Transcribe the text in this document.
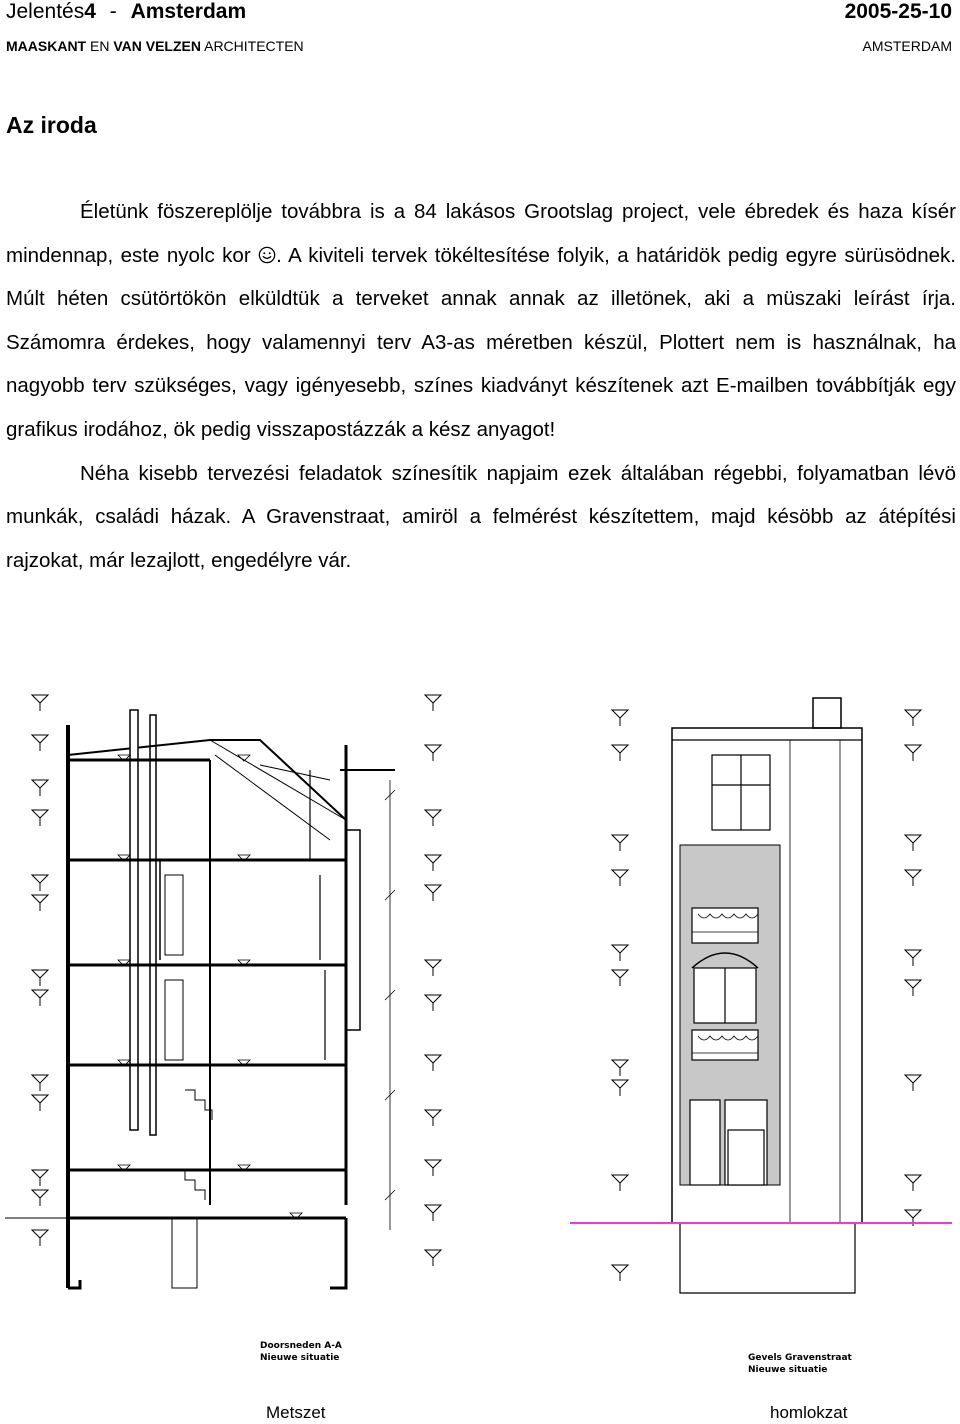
Jelentés4 - Amsterdam	2005-25-10
MAASKANT EN VAN VELZEN ARCHITECTEN	AMSTERDAM
Az iroda

Életünk föszereplölje továbbra is a 84 lakásos Grootslag project, vele ébredek és haza kísér mindennap, este nyolc kor . A kiviteli tervek tökéltesítése folyik, a határidök pedig egyre sürüsödnek. Múlt héten csütörtökön elküldtük a terveket annak annak az illetönek, aki a müszaki leírást írja. Számomra érdekes, hogy valamennyi terv A3-as méretben készül, Plottert nem is használnak, ha nagyobb terv szükséges, vagy igényesebb, színes kiadványt készítenek azt E-mailben továbbítják egy grafikus irodához, ök pedig visszapostázzák a kész anyagot!

Néha kisebb tervezési feladatok színesítik napjaim ezek általában régebbi, folyamatban lévö munkák, családi házak. A Gravenstraat, amiröl a felmérést készítettem, majd késöbb az átépítési rajzokat, már lezajlott, engedélyre vár.

Doorsneden A-A
Nieuwe situatie	Gevels Gravenstraat
Nieuwe situatie
Metszet	homlokzat
